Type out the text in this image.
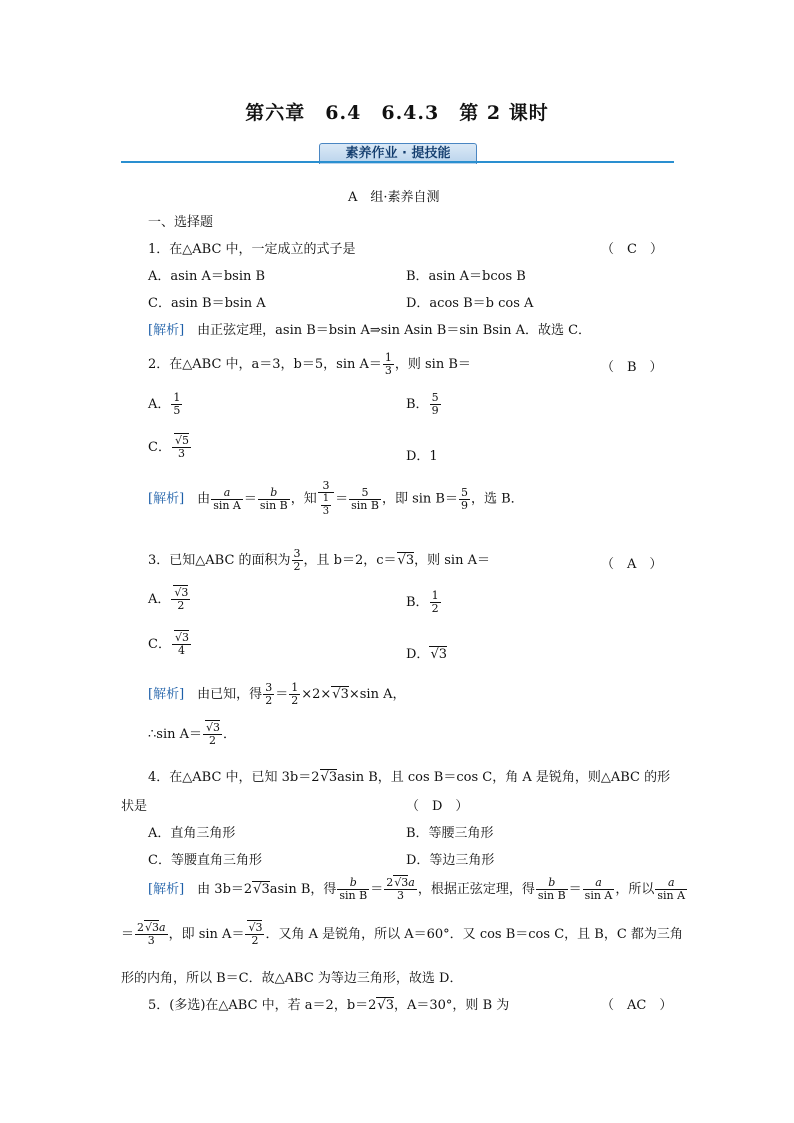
第六章　6.4　6.4.3　第 2 课时
素养作业 · 提技能
A　组·素养自测
一、选择题
1．在△ABC 中，一定成立的式子是	（　C　）
A．asin A＝bsin B	B．asin A＝bcos B
C．asin B＝bsin A	D．acos B＝b cos A
[解析]　 由正弦定理，asin B＝bsin A⇒sin Asin B＝sin Bsin A．故选 C．
2．在△ABC 中，a＝3，b＝5，$\sin A= \frac{1}{3}$ ，则 sin B＝	（　B　）
A． $\frac{1}{5}$	B． $\frac{5}{9}$
C．
√ $\frac{5}{3}$	D．1
[解析]　 由 $\frac{a}{\text{sin A}} = \frac{b}{\text{sin B}}$ ，知 $\frac{3}{\frac{1}{3}} = \frac{5}{\text{sin B}}$ ，即 $\sin B= \frac{5}{9}$ ，选 B．
3．已知△ABC 的面积为 $\frac{3}{2}$ ，且 b＝2，c＝√ 3，则 sin A＝	（　A　）
A．
√ $\frac{3}{2}$	B． $\frac{1}{2}$
C．
√ $\frac{3}{4}$	D．√ 3
[解析]　 由已知，得 $\frac{3}{2} = \frac{1}{2} \times 2\times√$ 3×sin A，
∴sin A＝
√ $\frac{3}{2}$ ．
4．在△ABC 中，已知 3b＝2√ 3asin B，且 cos B＝cos C，角 A 是锐角，则△ABC 的形
状是	（　D　）
A．直角三角形	B．等腰三角形
C．等腰直角三角形	D．等边三角形
[解析]　 由 3b＝2√ 3asin B，得 $\frac{b}{\text{sin B}} = \frac{2√ 3a}{3}$ ，根据正弦定理，得 $\frac{b}{\text{sin B}} = \frac{a}{\text{sin A}}$ ，所以 $\frac{a}{\text{sin A}}$
＝ $\frac{2√ 3a}{3}$ ，即 sin A＝
√ $\frac{3}{2}$ ．又角 A 是锐角，所以 A＝60°．又 cos B＝cos C，且 B，C 都为三角
形的内角，所以 B＝C．故△ABC 为等边三角形，故选 D．
5．(多选)在△ABC 中，若 a＝2，b＝2√ 3，A＝30°，则 B 为	（　AC　）
